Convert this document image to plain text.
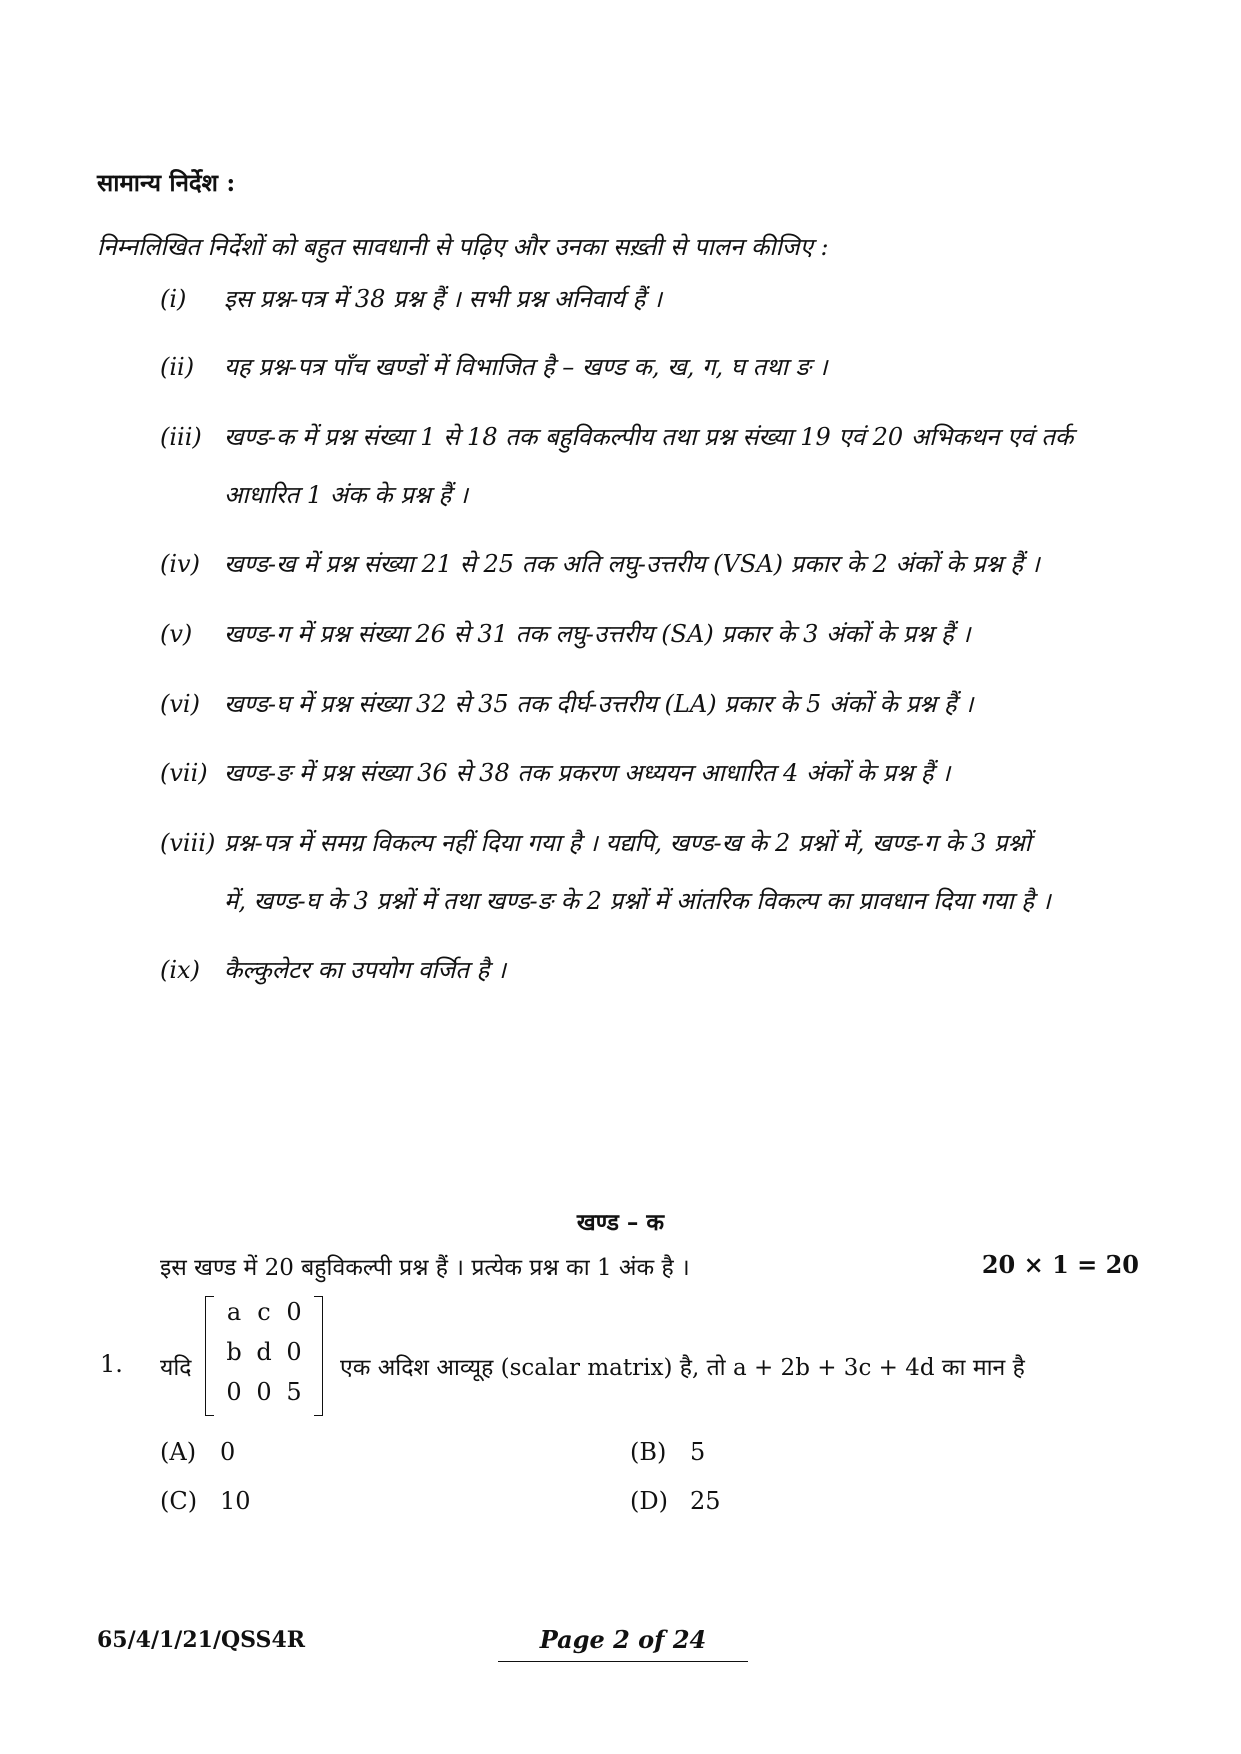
सामान्य निर्देश :
निम्नलिखित निर्देशों को बहुत सावधानी से पढ़िए और उनका सख़्ती से पालन कीजिए :
(i) इस प्रश्न-पत्र में 38 प्रश्न हैं । सभी प्रश्न अनिवार्य हैं ।
(ii) यह प्रश्न-पत्र पाँच खण्डों में विभाजित है – खण्ड क, ख, ग, घ तथा ङ ।
(iii) खण्ड-क में प्रश्न संख्या 1 से 18 तक बहुविकल्पीय तथा प्रश्न संख्या 19 एवं 20 अभिकथन एवं तर्क
आधारित 1 अंक के प्रश्न हैं ।
(iv) खण्ड-ख में प्रश्न संख्या 21 से 25 तक अति लघु-उत्तरीय (VSA) प्रकार के 2 अंकों के प्रश्न हैं ।
(v) खण्ड-ग में प्रश्न संख्या 26 से 31 तक लघु-उत्तरीय (SA) प्रकार के 3 अंकों के प्रश्न हैं ।
(vi) खण्ड-घ में प्रश्न संख्या 32 से 35 तक दीर्घ-उत्तरीय (LA) प्रकार के 5 अंकों के प्रश्न हैं ।
(vii) खण्ड-ङ में प्रश्न संख्या 36 से 38 तक प्रकरण अध्ययन आधारित 4 अंकों के प्रश्न हैं ।
(viii) प्रश्न-पत्र में समग्र विकल्प नहीं दिया गया है । यद्यपि, खण्ड-ख के 2 प्रश्नों में, खण्ड-ग के 3 प्रश्नों
में, खण्ड-घ के 3 प्रश्नों में तथा खण्ड-ङ के 2 प्रश्नों में आंतरिक विकल्प का प्रावधान दिया गया है ।
(ix) कैल्कुलेटर का उपयोग वर्जित है ।
खण्ड – क
इस खण्ड में 20 बहुविकल्पी प्रश्न हैं । प्रत्येक प्रश्न का 1 अंक है ।	20 × 1 = 20
1. यदि
a c 0
b d 0
0 0 5
एक अदिश आव्यूह (scalar matrix) है, तो a + 2b + 3c + 4d का मान है
(A) 0	(B) 5
(C) 10	(D) 25
65/4/1/21/QSS4R	Page 2 of 24
